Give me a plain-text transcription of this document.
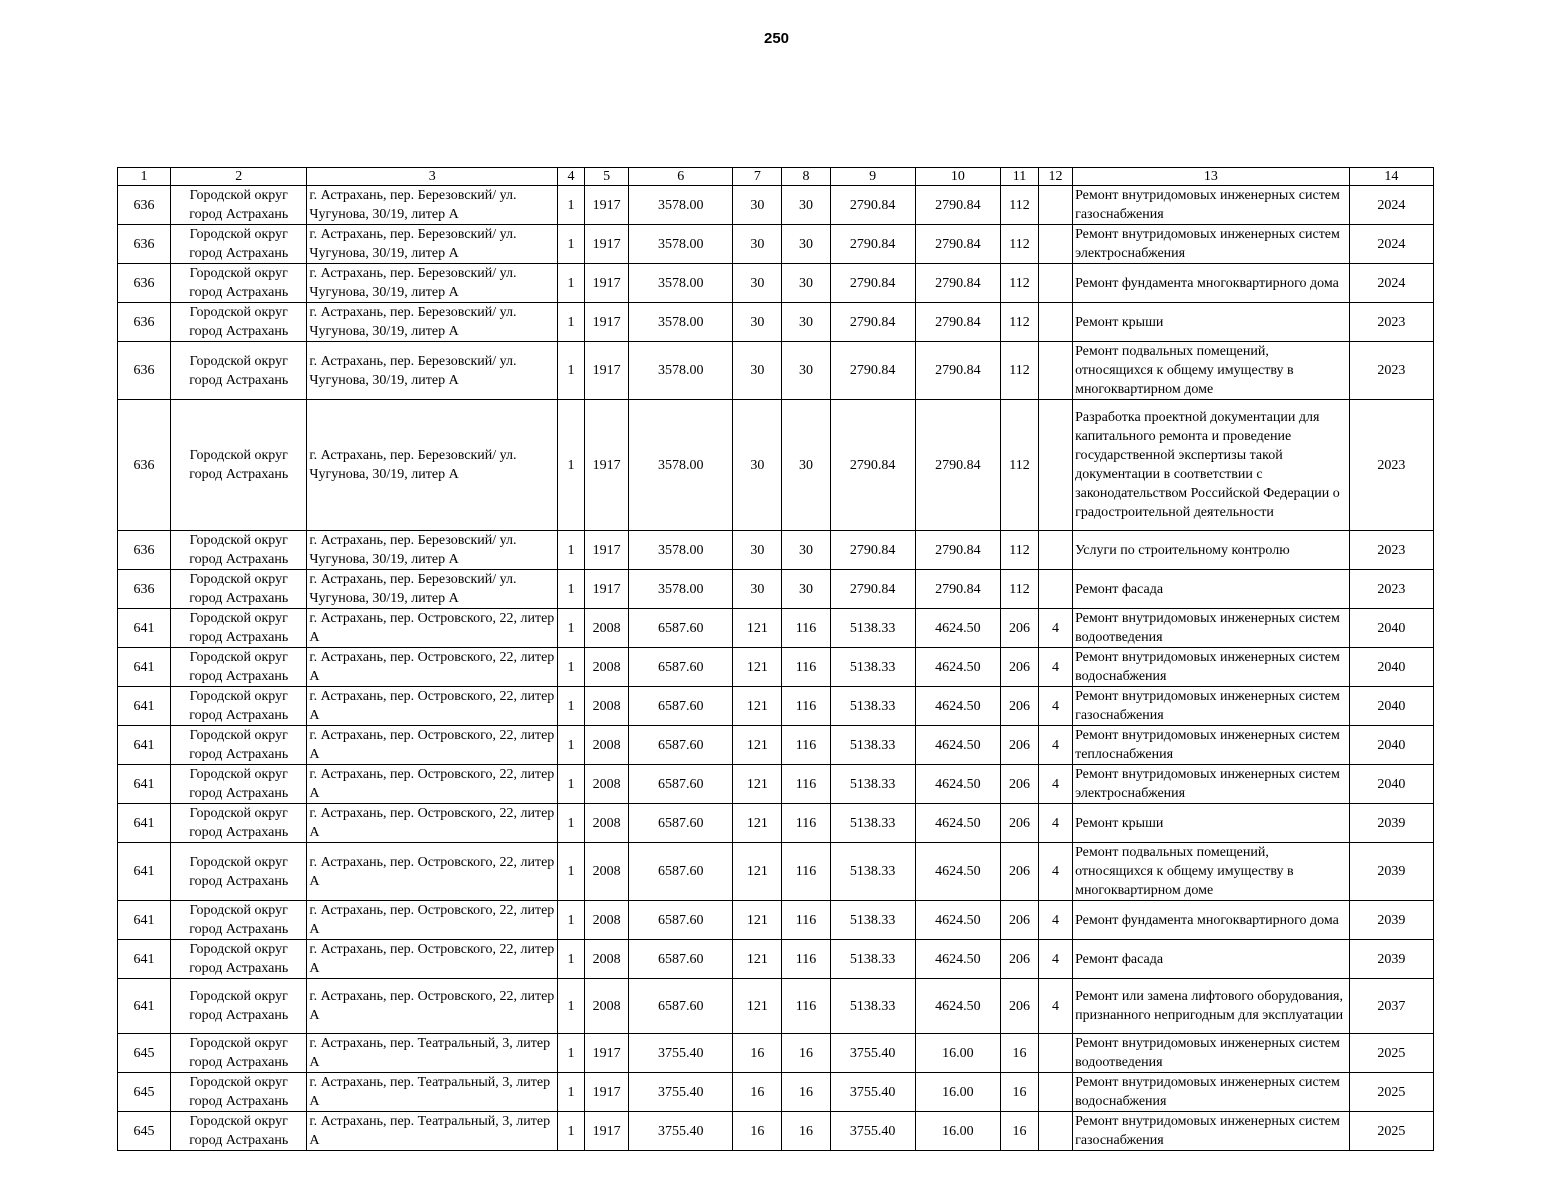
250
1	2	3	4	5	6	7	8	9	10	11	12	13	14
636	Городской округ город Астрахань	г. Астрахань, пер. Березовский/ ул. Чугунова, 30/19, литер А	1	1917	3578.00	30	30	2790.84	2790.84	112		Ремонт внутридомовых инженерных систем газоснабжения	2024
636	Городской округ город Астрахань	г. Астрахань, пер. Березовский/ ул. Чугунова, 30/19, литер А	1	1917	3578.00	30	30	2790.84	2790.84	112		Ремонт внутридомовых инженерных систем электроснабжения	2024
636	Городской округ город Астрахань	г. Астрахань, пер. Березовский/ ул. Чугунова, 30/19, литер А	1	1917	3578.00	30	30	2790.84	2790.84	112		Ремонт фундамента многоквартирного дома	2024
636	Городской округ город Астрахань	г. Астрахань, пер. Березовский/ ул. Чугунова, 30/19, литер А	1	1917	3578.00	30	30	2790.84	2790.84	112		Ремонт крыши	2023
636	Городской округ город Астрахань	г. Астрахань, пер. Березовский/ ул. Чугунова, 30/19, литер А	1	1917	3578.00	30	30	2790.84	2790.84	112		Ремонт подвальных помещений, относящихся к общему имуществу в многоквартирном доме	2023
636	Городской округ город Астрахань	г. Астрахань, пер. Березовский/ ул. Чугунова, 30/19, литер А	1	1917	3578.00	30	30	2790.84	2790.84	112		Разработка проектной документации для капитального ремонта и проведение государственной экспертизы такой документации в соответствии с законодательством Российской Федерации о градостроительной деятельности	2023
636	Городской округ город Астрахань	г. Астрахань, пер. Березовский/ ул. Чугунова, 30/19, литер А	1	1917	3578.00	30	30	2790.84	2790.84	112		Услуги по строительному контролю	2023
636	Городской округ город Астрахань	г. Астрахань, пер. Березовский/ ул. Чугунова, 30/19, литер А	1	1917	3578.00	30	30	2790.84	2790.84	112		Ремонт фасада	2023
641	Городской округ город Астрахань	г. Астрахань, пер. Островского, 22, литер А	1	2008	6587.60	121	116	5138.33	4624.50	206	4	Ремонт внутридомовых инженерных систем водоотведения	2040
641	Городской округ город Астрахань	г. Астрахань, пер. Островского, 22, литер А	1	2008	6587.60	121	116	5138.33	4624.50	206	4	Ремонт внутридомовых инженерных систем водоснабжения	2040
641	Городской округ город Астрахань	г. Астрахань, пер. Островского, 22, литер А	1	2008	6587.60	121	116	5138.33	4624.50	206	4	Ремонт внутридомовых инженерных систем газоснабжения	2040
641	Городской округ город Астрахань	г. Астрахань, пер. Островского, 22, литер А	1	2008	6587.60	121	116	5138.33	4624.50	206	4	Ремонт внутридомовых инженерных систем теплоснабжения	2040
641	Городской округ город Астрахань	г. Астрахань, пер. Островского, 22, литер А	1	2008	6587.60	121	116	5138.33	4624.50	206	4	Ремонт внутридомовых инженерных систем электроснабжения	2040
641	Городской округ город Астрахань	г. Астрахань, пер. Островского, 22, литер А	1	2008	6587.60	121	116	5138.33	4624.50	206	4	Ремонт крыши	2039
641	Городской округ город Астрахань	г. Астрахань, пер. Островского, 22, литер А	1	2008	6587.60	121	116	5138.33	4624.50	206	4	Ремонт подвальных помещений, относящихся к общему имуществу в многоквартирном доме	2039
641	Городской округ город Астрахань	г. Астрахань, пер. Островского, 22, литер А	1	2008	6587.60	121	116	5138.33	4624.50	206	4	Ремонт фундамента многоквартирного дома	2039
641	Городской округ город Астрахань	г. Астрахань, пер. Островского, 22, литер А	1	2008	6587.60	121	116	5138.33	4624.50	206	4	Ремонт фасада	2039
641	Городской округ город Астрахань	г. Астрахань, пер. Островского, 22, литер А	1	2008	6587.60	121	116	5138.33	4624.50	206	4	Ремонт или замена лифтового оборудования, признанного непригодным для эксплуатации	2037
645	Городской округ город Астрахань	г. Астрахань, пер. Театральный, 3, литер А	1	1917	3755.40	16	16	3755.40	16.00	16		Ремонт внутридомовых инженерных систем водоотведения	2025
645	Городской округ город Астрахань	г. Астрахань, пер. Театральный, 3, литер А	1	1917	3755.40	16	16	3755.40	16.00	16		Ремонт внутридомовых инженерных систем водоснабжения	2025
645	Городской округ город Астрахань	г. Астрахань, пер. Театральный, 3, литер А	1	1917	3755.40	16	16	3755.40	16.00	16		Ремонт внутридомовых инженерных систем газоснабжения	2025
